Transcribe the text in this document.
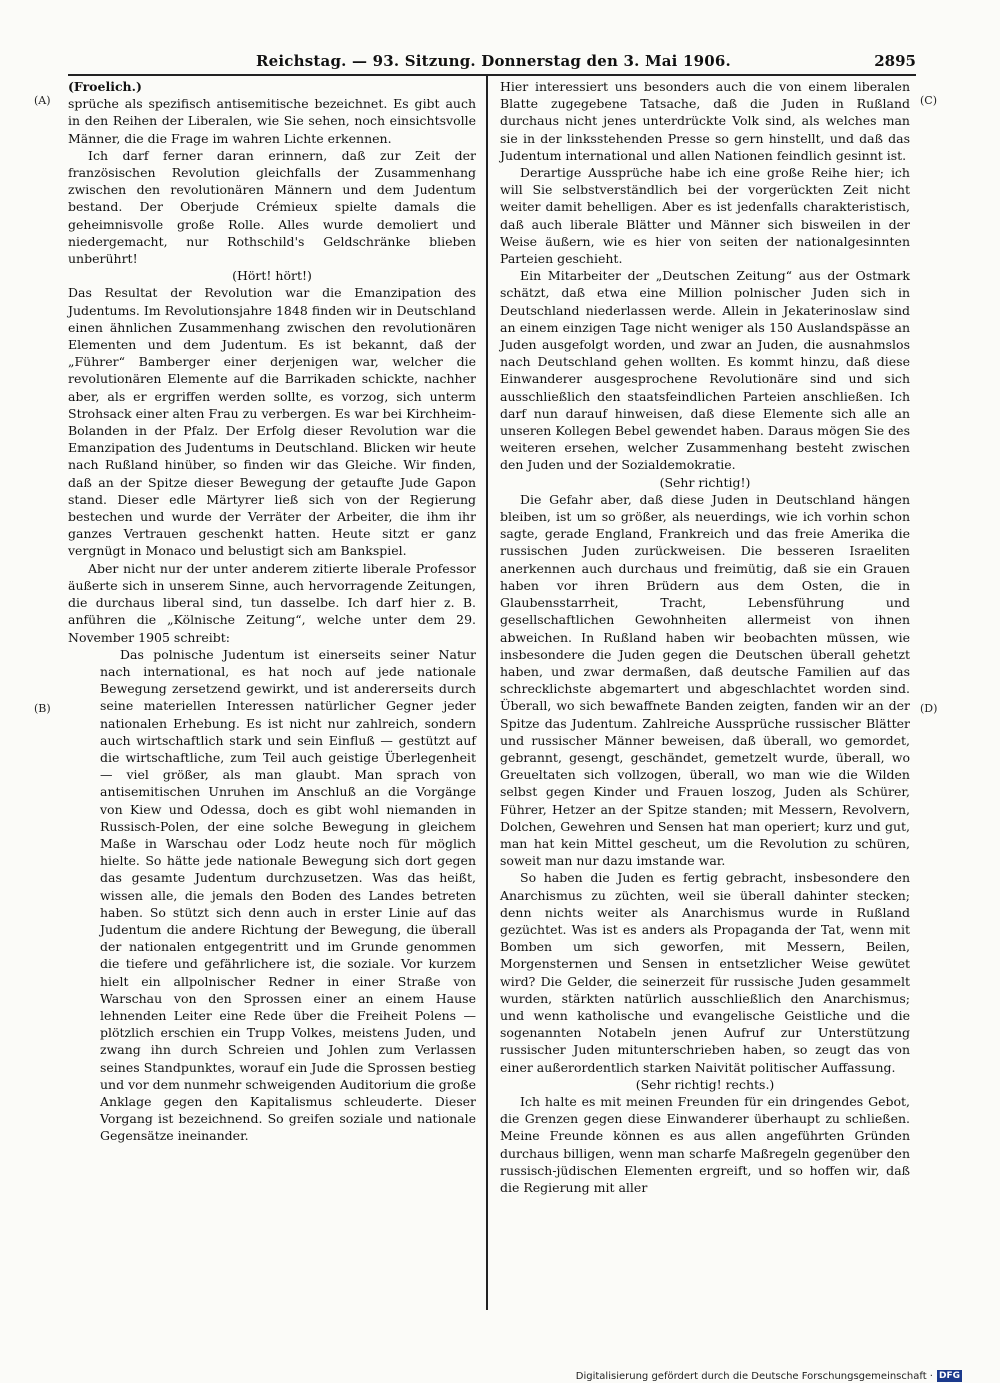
Reichstag. — 93. Sitzung. Donnerstag den 3. Mai 1906.	2895
(A)
(B)
(C)
(D)

(Froelich.)

sprüche als spezifisch antisemitische bezeichnet. Es gibt auch in den Reihen der Liberalen, wie Sie sehen, noch einsichtsvolle Männer, die die Frage im wahren Lichte erkennen.

Ich darf ferner daran erinnern, daß zur Zeit der französischen Revolution gleichfalls der Zusammenhang zwischen den revolutionären Männern und dem Judentum bestand. Der Oberjude Crémieux spielte damals die geheimnisvolle große Rolle. Alles wurde demoliert und niedergemacht, nur Rothschild's Geldschränke blieben unberührt!

(Hört! hört!)

Das Resultat der Revolution war die Emanzipation des Judentums. Im Revolutionsjahre 1848 finden wir in Deutschland einen ähnlichen Zusammenhang zwischen den revolutionären Elementen und dem Judentum. Es ist bekannt, daß der „Führer“ Bamberger einer derjenigen war, welcher die revolutionären Elemente auf die Barrikaden schickte, nachher aber, als er ergriffen werden sollte, es vorzog, sich unterm Strohsack einer alten Frau zu verbergen. Es war bei Kirchheim-Bolanden in der Pfalz. Der Erfolg dieser Revolution war die Emanzipation des Judentums in Deutschland. Blicken wir heute nach Rußland hinüber, so finden wir das Gleiche. Wir finden, daß an der Spitze dieser Bewegung der getaufte Jude Gapon stand. Dieser edle Märtyrer ließ sich von der Regierung bestechen und wurde der Verräter der Arbeiter, die ihm ihr ganzes Vertrauen geschenkt hatten. Heute sitzt er ganz vergnügt in Monaco und belustigt sich am Bankspiel.

Aber nicht nur der unter anderem zitierte liberale Professor äußerte sich in unserem Sinne, auch hervorragende Zeitungen, die durchaus liberal sind, tun dasselbe. Ich darf hier z. B. anführen die „Kölnische Zeitung“, welche unter dem 29. November 1905 schreibt:

Das polnische Judentum ist einerseits seiner Natur nach international, es hat noch auf jede nationale Bewegung zersetzend gewirkt, und ist andererseits durch seine materiellen Interessen natürlicher Gegner jeder nationalen Erhebung. Es ist nicht nur zahlreich, sondern auch wirtschaftlich stark und sein Einfluß — gestützt auf die wirtschaftliche, zum Teil auch geistige Überlegenheit — viel größer, als man glaubt. Man sprach von antisemitischen Unruhen im Anschluß an die Vorgänge von Kiew und Odessa, doch es gibt wohl niemanden in Russisch-Polen, der eine solche Bewegung in gleichem Maße in Warschau oder Lodz heute noch für möglich hielte. So hätte jede nationale Bewegung sich dort gegen das gesamte Judentum durchzusetzen. Was das heißt, wissen alle, die jemals den Boden des Landes betreten haben. So stützt sich denn auch in erster Linie auf das Judentum die andere Richtung der Bewegung, die überall der nationalen entgegentritt und im Grunde genommen die tiefere und gefährlichere ist, die soziale. Vor kurzem hielt ein allpolnischer Redner in einer Straße von Warschau von den Sprossen einer an einem Hause lehnenden Leiter eine Rede über die Freiheit Polens — plötzlich erschien ein Trupp Volkes, meistens Juden, und zwang ihn durch Schreien und Johlen zum Verlassen seines Standpunktes, worauf ein Jude die Sprossen bestieg und vor dem nunmehr schweigenden Auditorium die große Anklage gegen den Kapitalismus schleuderte. Dieser Vorgang ist bezeichnend. So greifen soziale und nationale Gegensätze ineinander.

Hier interessiert uns besonders auch die von einem liberalen Blatte zugegebene Tatsache, daß die Juden in Rußland durchaus nicht jenes unterdrückte Volk sind, als welches man sie in der linksstehenden Presse so gern hinstellt, und daß das Judentum international und allen Nationen feindlich gesinnt ist.

Derartige Aussprüche habe ich eine große Reihe hier; ich will Sie selbstverständlich bei der vorgerückten Zeit nicht weiter damit behelligen. Aber es ist jedenfalls charakteristisch, daß auch liberale Blätter und Männer sich bisweilen in der Weise äußern, wie es hier von seiten der nationalgesinnten Parteien geschieht.

Ein Mitarbeiter der „Deutschen Zeitung“ aus der Ostmark schätzt, daß etwa eine Million polnischer Juden sich in Deutschland niederlassen werde. Allein in Jekaterinoslaw sind an einem einzigen Tage nicht weniger als 150 Auslandspässe an Juden ausgefolgt worden, und zwar an Juden, die ausnahmslos nach Deutschland gehen wollten. Es kommt hinzu, daß diese Einwanderer ausgesprochene Revolutionäre sind und sich ausschließlich den staatsfeindlichen Parteien anschließen. Ich darf nun darauf hinweisen, daß diese Elemente sich alle an unseren Kollegen Bebel gewendet haben. Daraus mögen Sie des weiteren ersehen, welcher Zusammenhang besteht zwischen den Juden und der Sozialdemokratie.

(Sehr richtig!)

Die Gefahr aber, daß diese Juden in Deutschland hängen bleiben, ist um so größer, als neuerdings, wie ich vorhin schon sagte, gerade England, Frankreich und das freie Amerika die russischen Juden zurückweisen. Die besseren Israeliten anerkennen auch durchaus und freimütig, daß sie ein Grauen haben vor ihren Brüdern aus dem Osten, die in Glaubensstarrheit, Tracht, Lebensführung und gesellschaftlichen Gewohnheiten allermeist von ihnen abweichen. In Rußland haben wir beobachten müssen, wie insbesondere die Juden gegen die Deutschen überall gehetzt haben, und zwar dermaßen, daß deutsche Familien auf das schrecklichste abgemartert und abgeschlachtet worden sind. Überall, wo sich bewaffnete Banden zeigten, fanden wir an der Spitze das Judentum. Zahlreiche Aussprüche russischer Blätter und russischer Männer beweisen, daß überall, wo gemordet, gebrannt, gesengt, geschändet, gemetzelt wurde, überall, wo Greueltaten sich vollzogen, überall, wo man wie die Wilden selbst gegen Kinder und Frauen loszog, Juden als Schürer, Führer, Hetzer an der Spitze standen; mit Messern, Revolvern, Dolchen, Gewehren und Sensen hat man operiert; kurz und gut, man hat kein Mittel gescheut, um die Revolution zu schüren, soweit man nur dazu imstande war.

So haben die Juden es fertig gebracht, insbesondere den Anarchismus zu züchten, weil sie überall dahinter stecken; denn nichts weiter als Anarchismus wurde in Rußland gezüchtet. Was ist es anders als Propaganda der Tat, wenn mit Bomben um sich geworfen, mit Messern, Beilen, Morgensternen und Sensen in entsetzlicher Weise gewütet wird? Die Gelder, die seinerzeit für russische Juden gesammelt wurden, stärkten natürlich ausschließlich den Anarchismus; und wenn katholische und evangelische Geistliche und die sogenannten Notabeln jenen Aufruf zur Unterstützung russischer Juden mitunterschrieben haben, so zeugt das von einer außerordentlich starken Naivität politischer Auffassung.

(Sehr richtig! rechts.)

Ich halte es mit meinen Freunden für ein dringendes Gebot, die Grenzen gegen diese Einwanderer überhaupt zu schließen. Meine Freunde können es aus allen angeführten Gründen durchaus billigen, wenn man scharfe Maßregeln gegenüber den russisch-jüdischen Elementen ergreift, und so hoffen wir, daß die Regierung mit aller

Digitalisierung gefördert durch die Deutsche Forschungsgemeinschaft · DFG
